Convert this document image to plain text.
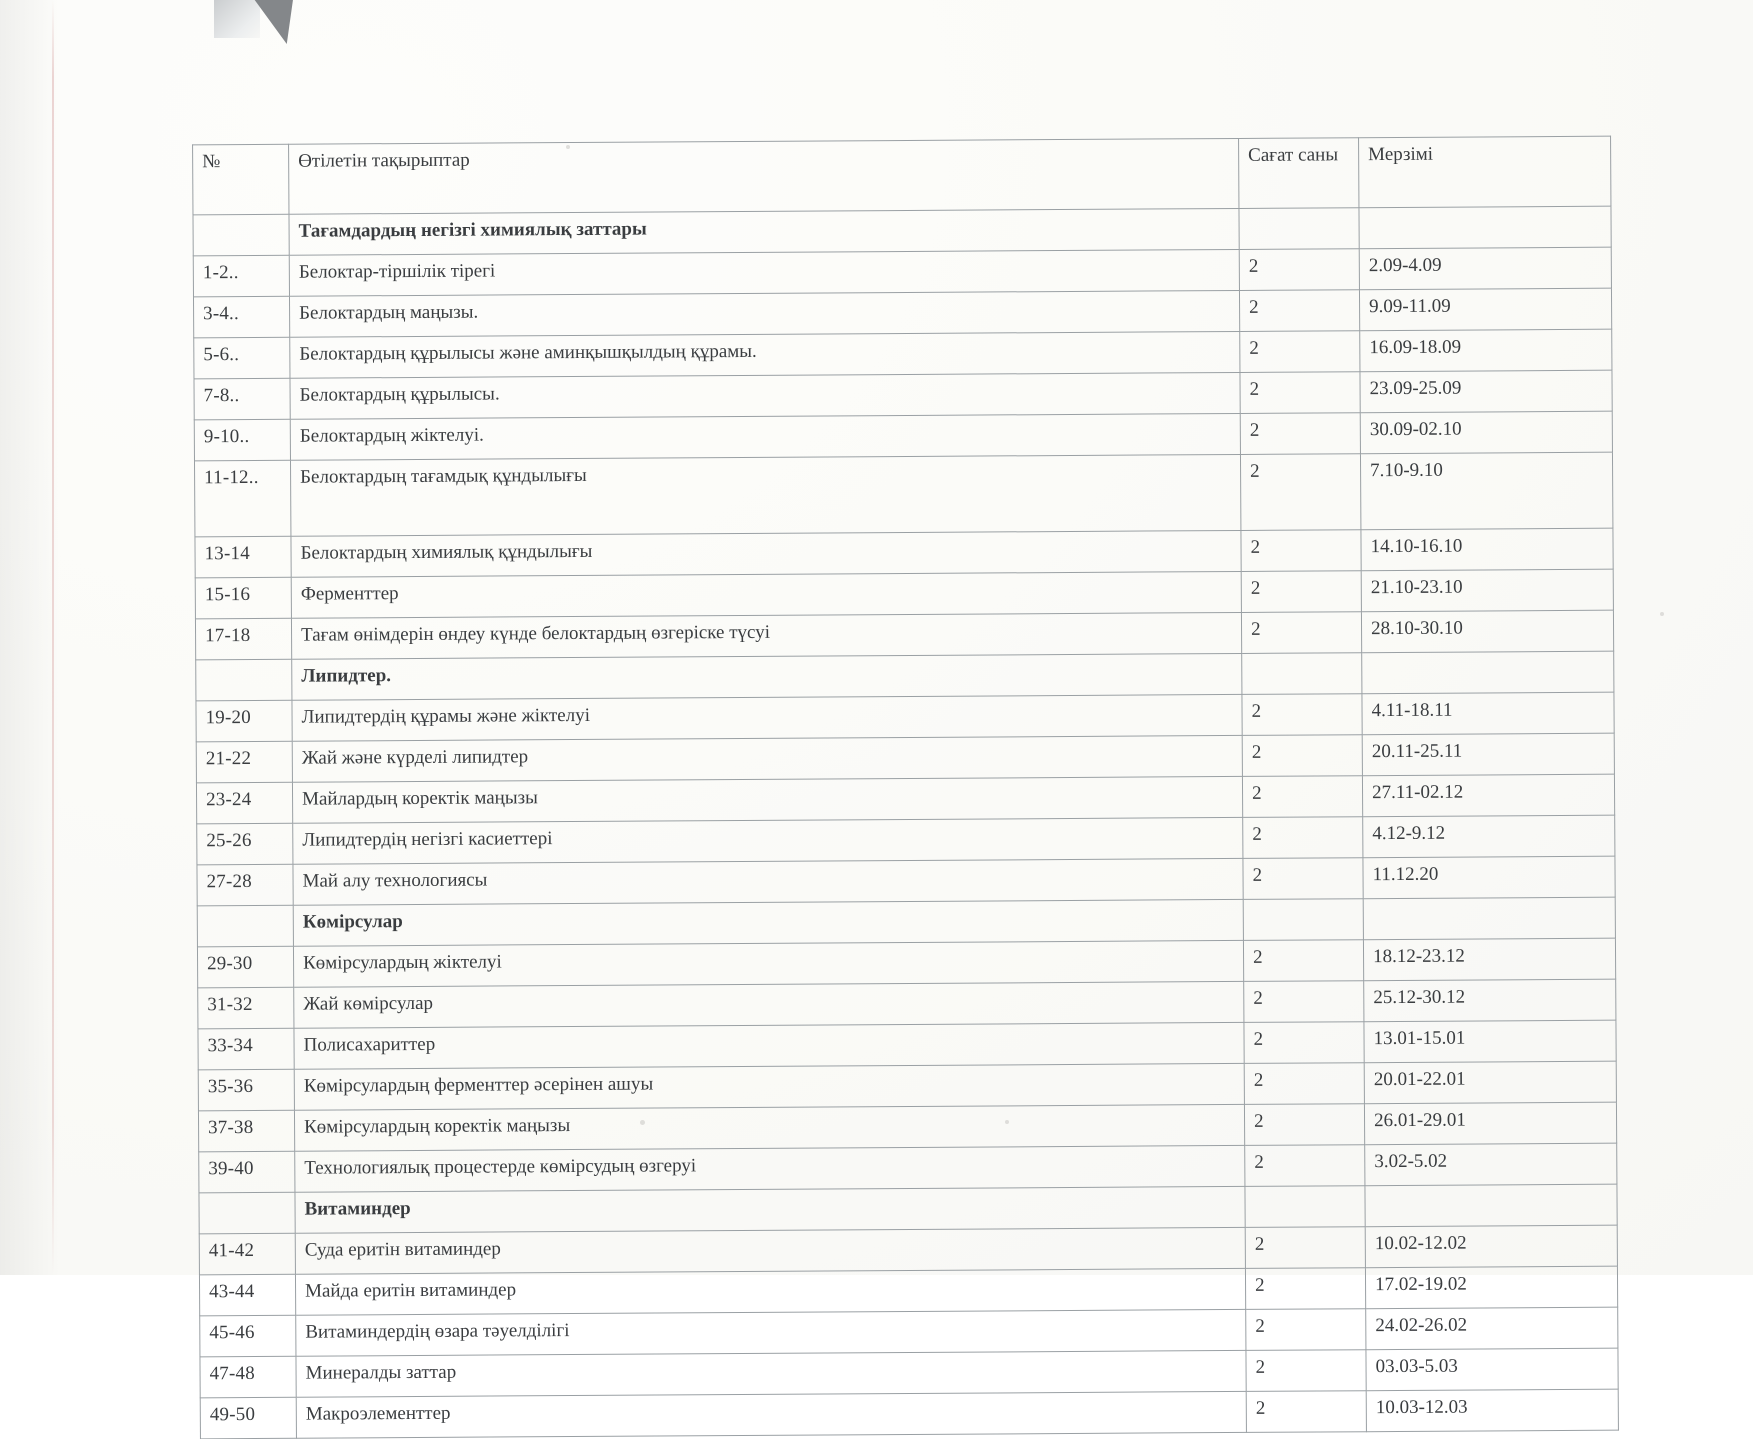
№	Өтілетін тақырыптар	Сағат саны	Мерзімі
	Тағамдардың негізгі химиялық заттары		
1-2..	Белоктар-тіршілік тірегі	2	2.09-4.09
3-4..	Белоктардың маңызы.	2	9.09-11.09
5-6..	Белоктардың құрылысы және аминқышқылдың құрамы.	2	16.09-18.09
7-8..	Белоктардың құрылысы.	2	23.09-25.09
9-10..	Белоктардың жіктелуі.	2	30.09-02.10
11-12..	Белоктардың тағамдық құндылығы	2	7.10-9.10
13-14	Белоктардың химиялық құндылығы	2	14.10-16.10
15-16	Ферменттер	2	21.10-23.10
17-18	Тағам өнімдерін өндеу күнде белоктардың өзгеріске түсуі	2	28.10-30.10
	Липидтер.		
19-20	Липидтердің құрамы және жіктелуі	2	4.11-18.11
21-22	Жай және күрделі липидтер	2	20.11-25.11
23-24	Майлардың коректік маңызы	2	27.11-02.12
25-26	Липидтердің негізгі касиеттері	2	4.12-9.12
27-28	Май алу технологиясы	2	11.12.20
	Көмірсулар		
29-30	Көмірсулардың жіктелуі	2	18.12-23.12
31-32	Жай көмірсулар	2	25.12-30.12
33-34	Полисахариттер	2	13.01-15.01
35-36	Көмірсулардың ферменттер әсерінен ашуы	2	20.01-22.01
37-38	Көмірсулардың коректік маңызы	2	26.01-29.01
39-40	Технологиялық процестерде көмірсудың өзгеруі	2	3.02-5.02
	Витаминдер		
41-42	Суда еритін витаминдер	2	10.02-12.02
43-44	Майда еритін витаминдер	2	17.02-19.02
45-46	Витаминдердің өзара тәуелділігі	2	24.02-26.02
47-48	Минералды заттар	2	03.03-5.03
49-50	Макроэлементтер	2	10.03-12.03
